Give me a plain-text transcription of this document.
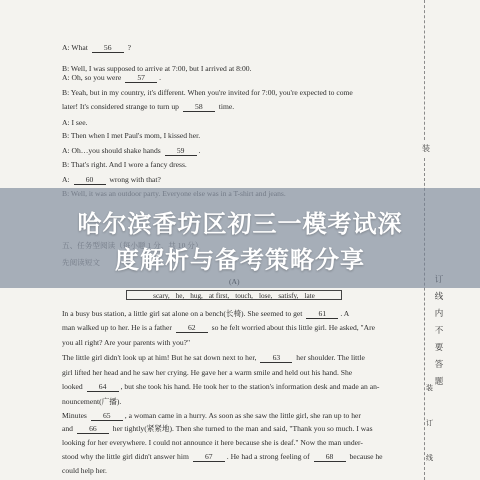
A: What 56 ?
B: Well, I was supposed to arrive at 7:00, but I arrived at 8:00.
A: Oh, so you were 57 .
B: Yeah, but in my country, it's different. When you're invited for 7:00, you're expected to come
later! It's considered strange to turn up 58 time.
A: I see.
B: Then when I met Paul's mom, I kissed her.
A: Oh…you should shake hands 59 .
B: That's right. And I wore a fancy dress.
A: 60 wrong with that?
scary, he, hug, at first, touch, lose, satisfy, late
In a busy bus station, a little girl sat alone on a bench(长椅). She seemed to get 61 . A
man walked up to her. He is a father 62 so he felt worried about this little girl. He asked, "Are
you all right? Are your parents with you?"
The little girl didn't look up at him! But he sat down next to her, 63 her shoulder. The little
girl lifted her head and he saw her crying. He gave her a warm smile and held out his hand. She
looked 64 , but she took his hand. He took her to the station's information desk and made an an-
nouncement(广播).
Minutes 65 , a woman came in a hurry. As soon as she saw the little girl, she ran up to her
and 66 her tightly(紧紧地). Then she turned to the man and said, "Thank you so much. I was
looking for her everywhere. I could not announce it here because she is deaf." Now the man under-
stood why the little girl didn't answer him 67 . He had a strong feeling of 68 because he
could help her.
装
线
内
不
要
答
题
装
订
线
哈尔滨香坊区初三一模考试深
度解析与备考策略分享
